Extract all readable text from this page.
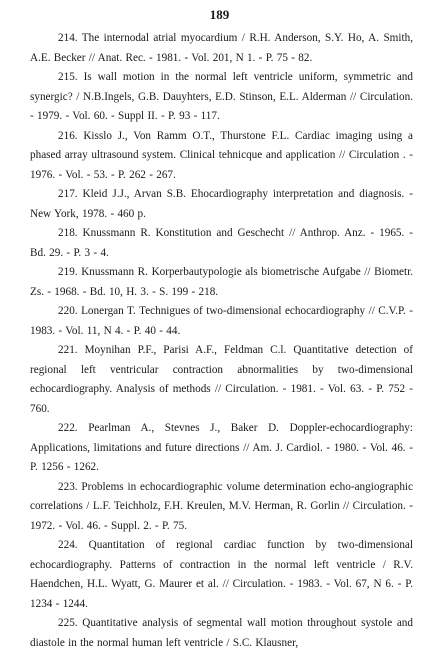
189

214. The internodal atrial myocardium / R.H. Anderson, S.Y. Ho, A. Smith, A.E. Becker // Anat. Rec. - 1981. - Vol. 201, N 1. - P. 75 - 82.

215. Is wall motion in the normal left ventricle uniform, symmetric and synergic? / N.B.Ingels, G.B. Dauyhters, E.D. Stinson, E.L. Alderman // Circulation. - 1979. - Vol. 60. - Suppl II. - P. 93 - 117.

216. Kisslo J., Von Ramm O.T., Thurstone F.L. Cardiac imaging using a phased array ultrasound system. Clinical tehnicque and application // Circulation . - 1976. - Vol. - 53. - P. 262 - 267.

217. Kleid J.J., Arvan S.B. Ehocardiography interpretation and diagnosis. - New York, 1978. - 460 p.

218. Knussmann R. Konstitution and Geschecht // Anthrop. Anz. - 1965. - Bd. 29. - P. 3 - 4.

219. Knussmann R. Korperbautypologie als biometrische Aufgabe // Biometr. Zs. - 1968. - Bd. 10, H. 3. - S. 199 - 218.

220. Lonergan T. Technigues of two-dimensional echocardiography // C.V.P. - 1983. - Vol. 11, N 4. - P. 40 - 44.

221. Moynihan P.F., Parisi A.F., Feldman C.l. Quantitative detection of regional left ventricular contraction abnormalities by two-dimensional echocardiography. Analysis of methods // Circulation. - 1981. - Vol. 63. - P. 752 - 760.

222. Pearlman A., Stevnes J., Baker D. Doppler-echocardiography: Applications, limitations and future directions // Am. J. Cardiol. - 1980. - Vol. 46. - P. 1256 - 1262.

223. Problems in echocardiographic volume determination echo-angiographic correlations / L.F. Teichholz, F.H. Kreulen, M.V. Herman, R. Gorlin // Circulation. - 1972. - Vol. 46. - Suppl. 2. - P. 75.

224. Quantitation of regional cardiac function by two-dimensional echocardiography. Patterns of contraction in the normal left ventricle / R.V. Haendchen, H.L. Wyatt, G. Maurer et al. // Circulation. - 1983. - Vol. 67, N 6. - P. 1234 - 1244.

225. Quantitative analysis of segmental wall motion throughout systole and diastole in the normal human left ventricle / S.C. Klausner,
